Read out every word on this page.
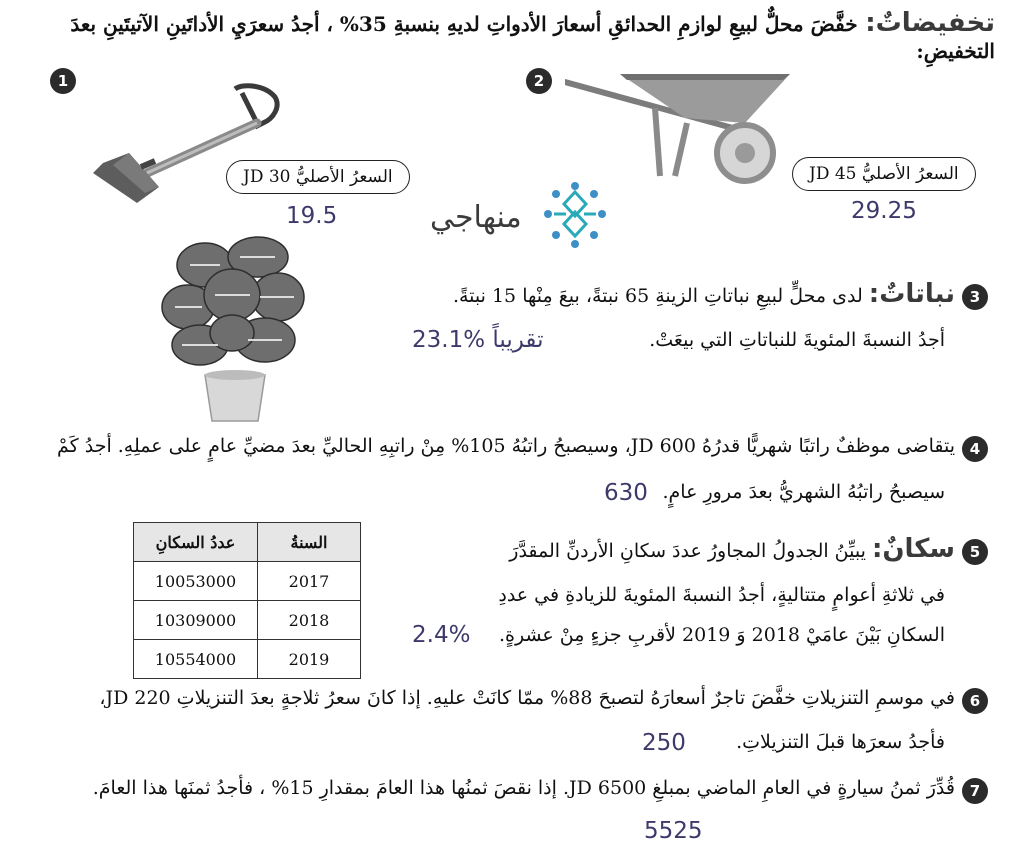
تخفيضاتٌ: خفَّضَ محلٌّ لبيعِ لوازمِ الحدائقِ أسعارَ الأدواتِ لديهِ بنسبةِ 35% ، أجدُ سعرَيِ الأداتَينِ الآتيتَينِ بعدَ التخفيضِ:
1	2
السعرُ الأصليُّ JD 30	السعرُ الأصليُّ JD 45
19.5	29.25
منهاجي
3
نباتاتٌ: لدى محلٍّ لبيعِ نباتاتِ الزينةِ 65 نبتةً، بيعَ مِنْها 15 نبتةً.
أجدُ النسبةَ المئويةَ للنباتاتِ التي بيعَتْ.
23.1% تقريباً
4
يتقاضى موظفٌ راتبًا شهريًّا قدرُهُ JD 600، وسيصبحُ راتبُهُ 105% مِنْ راتبِهِ الحاليِّ بعدَ مضيِّ عامٍ على عملِهِ. أجدُ كَمْ
سيصبحُ راتبُهُ الشهريُّ بعدَ مرورِ عامٍ.
630
السنةُ	عددُ السكانِ
2017	10053000
2018	10309000
2019	10554000
5
سكانٌ: يبيِّنُ الجدولُ المجاورُ عددَ سكانِ الأردنِّ المقدَّرَ
في ثلاثةِ أعوامٍ متتاليةٍ، أجدُ النسبةَ المئويةَ للزيادةِ في عددِ
السكانِ بَيْنَ عامَيْ 2018 وَ 2019 لأقربِ جزءٍ مِنْ عشرةٍ.
2.4%
6
في موسمِ التنزيلاتِ خفَّضَ تاجرٌ أسعارَهُ لتصبحَ 88% ممّا كانَتْ عليهِ. إذا كانَ سعرُ ثلاجةٍ بعدَ التنزيلاتِ JD 220،
فأجدُ سعرَها قبلَ التنزيلاتِ.
250
7
قُدِّرَ ثمنُ سيارةٍ في العامِ الماضي بمبلغِ JD 6500. إذا نقصَ ثمنُها هذا العامَ بمقدارِ 15% ، فأجدُ ثمنَها هذا العامَ.
5525
